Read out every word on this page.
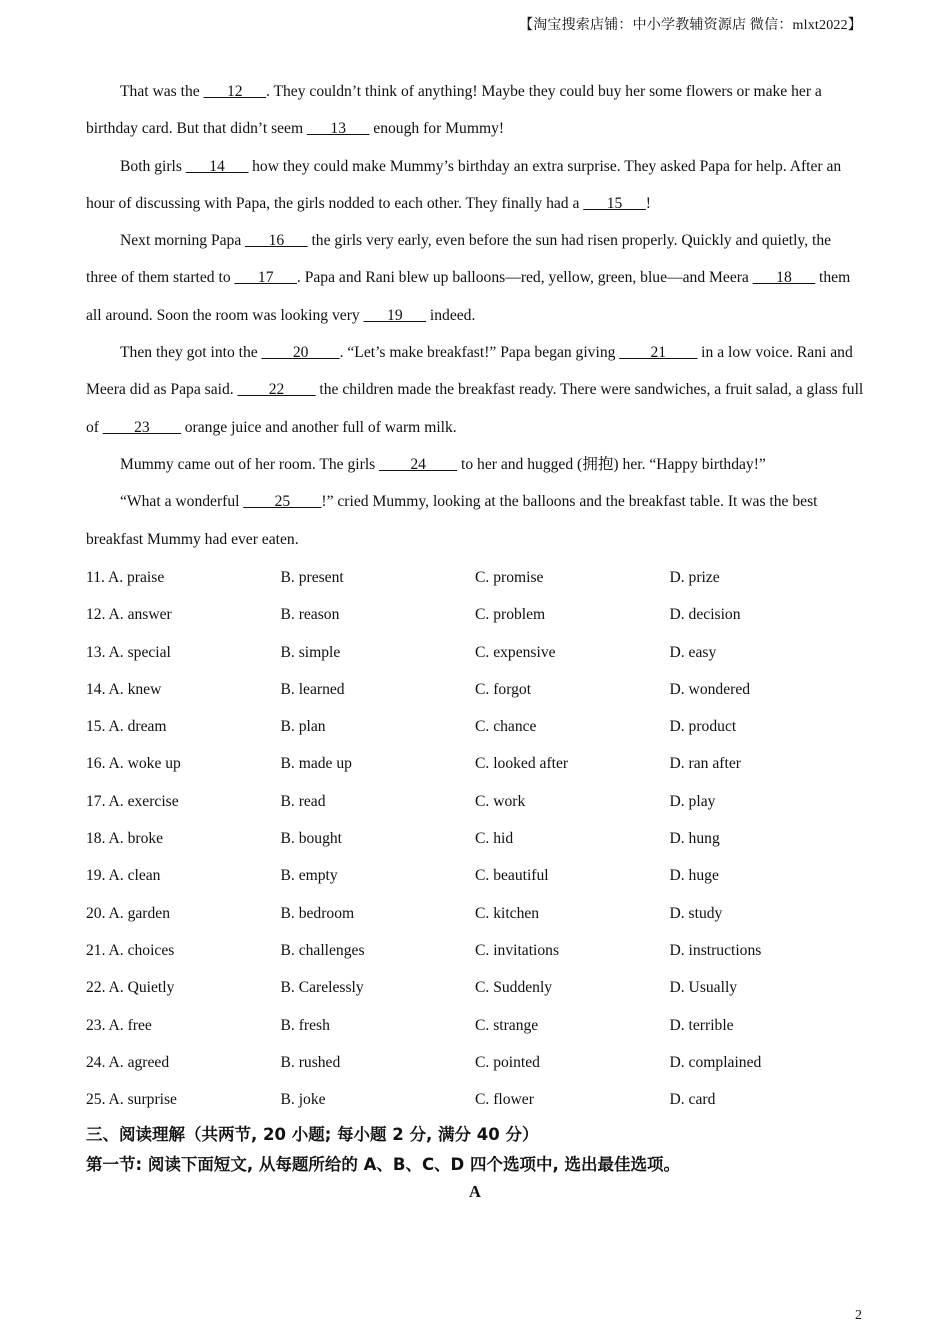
【淘宝搜索店铺：中小学教辅资源店 微信：mlxt2022】

That was the ___12___. They couldn’t think of anything! Maybe they could buy her some flowers or make her a birthday card. But that didn’t seem ___13___ enough for Mummy!

Both girls ___14___ how they could make Mummy’s birthday an extra surprise. They asked Papa for help. After an hour of discussing with Papa, the girls nodded to each other. They finally had a ___15___!

Next morning Papa ___16___ the girls very early, even before the sun had risen properly. Quickly and quietly, the three of them started to ___17___. Papa and Rani blew up balloons—red, yellow, green, blue—and Meera ___18___ them all around. Soon the room was looking very ___19___ indeed.

Then they got into the ____20____. “Let’s make breakfast!” Papa began giving ____21____ in a low voice. Rani and Meera did as Papa said. ____22____ the children made the breakfast ready. There were sandwiches, a fruit salad, a glass full of ____23____ orange juice and another full of warm milk.

Mummy came out of her room. The girls ____24____ to her and hugged (拥抱) her. “Happy birthday!”

“What a wonderful ____25____!” cried Mummy, looking at the balloons and the breakfast table. It was the best breakfast Mummy had ever eaten.

11. A. praise	B. present	C. promise	D. prize
12. A. answer	B. reason	C. problem	D. decision
13. A. special	B. simple	C. expensive	D. easy
14. A. knew	B. learned	C. forgot	D. wondered
15. A. dream	B. plan	C. chance	D. product
16. A. woke up	B. made up	C. looked after	D. ran after
17. A. exercise	B. read	C. work	D. play
18. A. broke	B. bought	C. hid	D. hung
19. A. clean	B. empty	C. beautiful	D. huge
20. A. garden	B. bedroom	C. kitchen	D. study
21. A. choices	B. challenges	C. invitations	D. instructions
22. A. Quietly	B. Carelessly	C. Suddenly	D. Usually
23. A. free	B. fresh	C. strange	D. terrible
24. A. agreed	B. rushed	C. pointed	D. complained
25. A. surprise	B. joke	C. flower	D. card
三、阅读理解（共两节, 20 小题; 每小题 2 分, 满分 40 分）
第一节: 阅读下面短文, 从每题所给的 A、B、C、D 四个选项中, 选出最佳选项。
A
2
